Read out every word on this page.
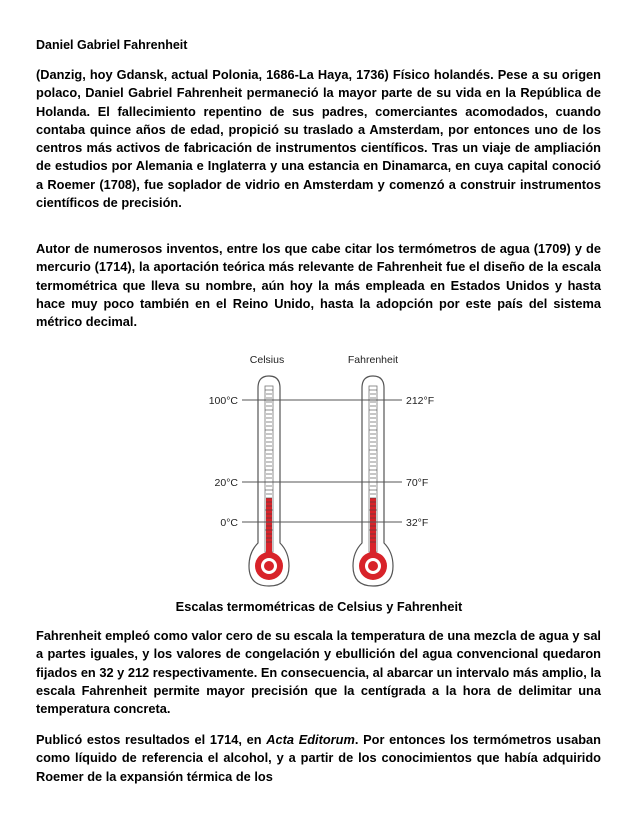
Daniel Gabriel Fahrenheit

(Danzig, hoy Gdansk, actual Polonia, 1686-La Haya, 1736) Físico holandés. Pese a su origen polaco, Daniel Gabriel Fahrenheit permaneció la mayor parte de su vida en la República de Holanda. El fallecimiento repentino de sus padres, comerciantes acomodados, cuando contaba quince años de edad, propició su traslado a Amsterdam, por entonces uno de los centros más activos de fabricación de instrumentos científicos. Tras un viaje de ampliación de estudios por Alemania e Inglaterra y una estancia en Dinamarca, en cuya capital conoció a Roemer (1708), fue soplador de vidrio en Amsterdam y comenzó a construir instrumentos científicos de precisión.

Autor de numerosos inventos, entre los que cabe citar los termómetros de agua (1709) y de mercurio (1714), la aportación teórica más relevante de Fahrenheit fue el diseño de la escala termométrica que lleva su nombre, aún hoy la más empleada en Estados Unidos y hasta hace muy poco también en el Reino Unido, hasta la adopción por este país del sistema métrico decimal.

Celsius	Fahrenheit
100°C
20°C
0°C
212°F
70°F
32°F
Escalas termométricas de Celsius y Fahrenheit

Fahrenheit empleó como valor cero de su escala la temperatura de una mezcla de agua y sal a partes iguales, y los valores de congelación y ebullición del agua convencional quedaron fijados en 32 y 212 respectivamente. En consecuencia, al abarcar un intervalo más amplio, la escala Fahrenheit permite mayor precisión que la centígrada a la hora de delimitar una temperatura concreta.

Publicó estos resultados el 1714, en Acta Editorum. Por entonces los termómetros usaban como líquido de referencia el alcohol, y a partir de los conocimientos que había adquirido Roemer de la expansión térmica de los
